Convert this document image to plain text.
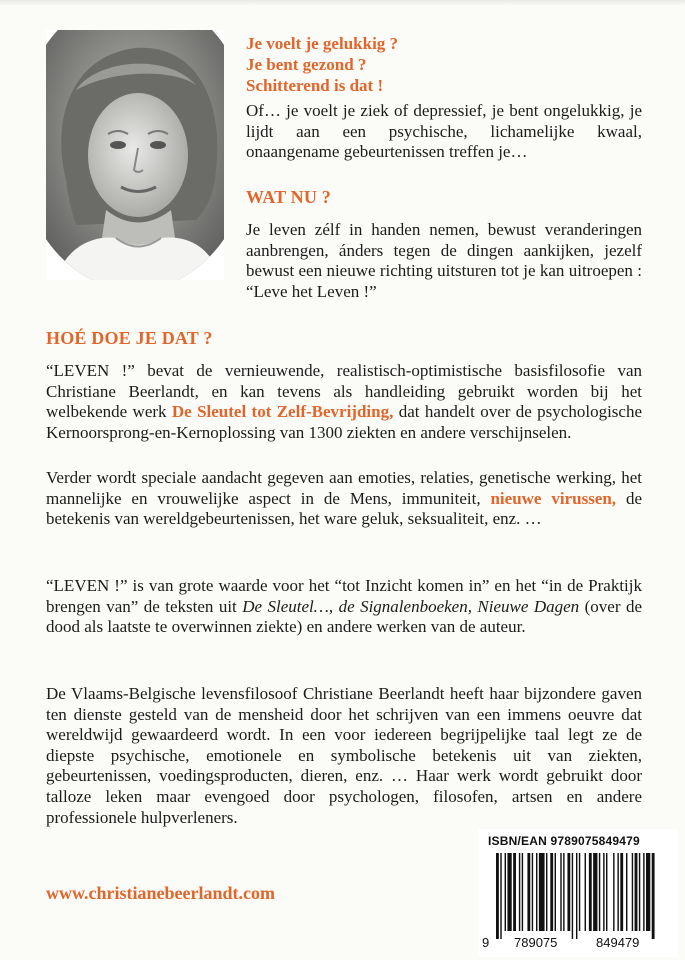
Je voelt je gelukkig ?
Je bent gezond ?
Schitterend is dat !

Of… je voelt je ziek of depressief, je bent ongelukkig, je lijdt aan een psychische, lichamelijke kwaal, onaangename gebeurtenissen treffen je…

WAT NU ?

Je leven zélf in handen nemen, bewust veranderingen aanbrengen, ánders tegen de dingen aankijken, jezelf bewust een nieuwe richting uitsturen tot je kan uitroepen : “Leve het Leven !”

HOÉ DOE JE DAT ?

“LEVEN !” bevat de vernieuwende, realistisch-optimistische basisfilosofie van Christiane Beerlandt, en kan tevens als handleiding gebruikt worden bij het welbekende werk De Sleutel tot Zelf-Bevrijding, dat handelt over de psychologische Kernoorsprong-en-Kernoplossing van 1300 ziekten en andere verschijnselen.

Verder wordt speciale aandacht gegeven aan emoties, relaties, genetische werking, het mannelijke en vrouwelijke aspect in de Mens, immuniteit, nieuwe virussen, de betekenis van wereldgebeurtenissen, het ware geluk, seksualiteit, enz. …

“LEVEN !” is van grote waarde voor het “tot Inzicht komen in” en het “in de Praktijk brengen van” de teksten uit De Sleutel…, de Signalenboeken, Nieuwe Dagen (over de dood als laatste te overwinnen ziekte) en andere werken van de auteur.

De Vlaams-Belgische levensfilosoof Christiane Beerlandt heeft haar bijzondere gaven ten dienste gesteld van de mensheid door het schrijven van een immens oeuvre dat wereldwijd gewaardeerd wordt. In een voor iedereen begrijpelijke taal legt ze de diepste psychische, emotionele en symbolische betekenis uit van ziekten, gebeurtenissen, voedingsproducten, dieren, enz. … Haar werk wordt gebruikt door talloze leken maar evengoed door psychologen, filosofen, artsen en andere professionele hulpverleners.

www.christianebeerlandt.com
ISBN/EAN 9789075849479
9 789075	849479
